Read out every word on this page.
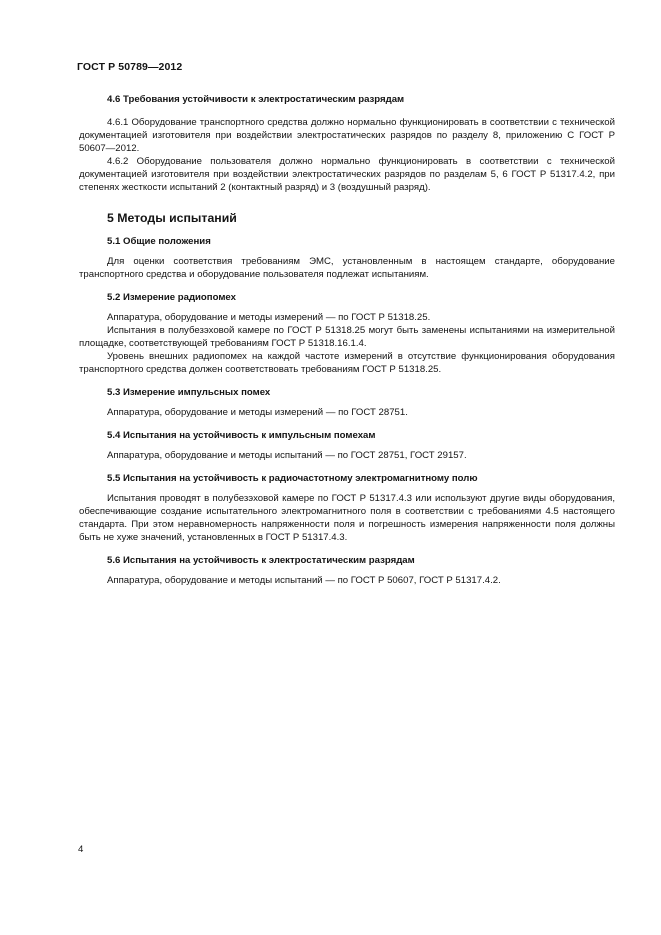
ГОСТ Р 50789—2012
4.6 Требования устойчивости к электростатическим разрядам

4.6.1 Оборудование транспортного средства должно нормально функционировать в соответствии с технической документацией изготовителя при воздействии электростатических разрядов по разделу 8, приложению С ГОСТ Р 50607—2012.

4.6.2 Оборудование пользователя должно нормально функционировать в соответствии с технической документацией изготовителя при воздействии электростатических разрядов по разделам 5, 6 ГОСТ Р 51317.4.2, при степенях жесткости испытаний 2 (контактный разряд) и 3 (воздушный разряд).

5 Методы испытаний
5.1 Общие положения

Для оценки соответствия требованиям ЭМС, установленным в настоящем стандарте, оборудование транспортного средства и оборудование пользователя подлежат испытаниям.

5.2 Измерение радиопомех

Аппаратура, оборудование и методы измерений — по ГОСТ Р 51318.25.

Испытания в полубезэховой камере по ГОСТ Р 51318.25 могут быть заменены испытаниями на измерительной площадке, соответствующей требованиям ГОСТ Р 51318.16.1.4.

Уровень внешних радиопомех на каждой частоте измерений в отсутствие функционирования оборудования транспортного средства должен соответствовать требованиям ГОСТ Р 51318.25.

5.3 Измерение импульсных помех

Аппаратура, оборудование и методы измерений — по ГОСТ 28751.

5.4 Испытания на устойчивость к импульсным помехам

Аппаратура, оборудование и методы испытаний — по ГОСТ 28751, ГОСТ 29157.

5.5 Испытания на устойчивость к радиочастотному электромагнитному полю

Испытания проводят в полубезэховой камере по ГОСТ Р 51317.4.3 или используют другие виды оборудования, обеспечивающие создание испытательного электромагнитного поля в соответствии с требованиями 4.5 настоящего стандарта. При этом неравномерность напряженности поля и погрешность измерения напряженности поля должны быть не хуже значений, установленных в ГОСТ Р 51317.4.3.

5.6 Испытания на устойчивость к электростатическим разрядам

Аппаратура, оборудование и методы испытаний — по ГОСТ Р 50607, ГОСТ Р 51317.4.2.

4
